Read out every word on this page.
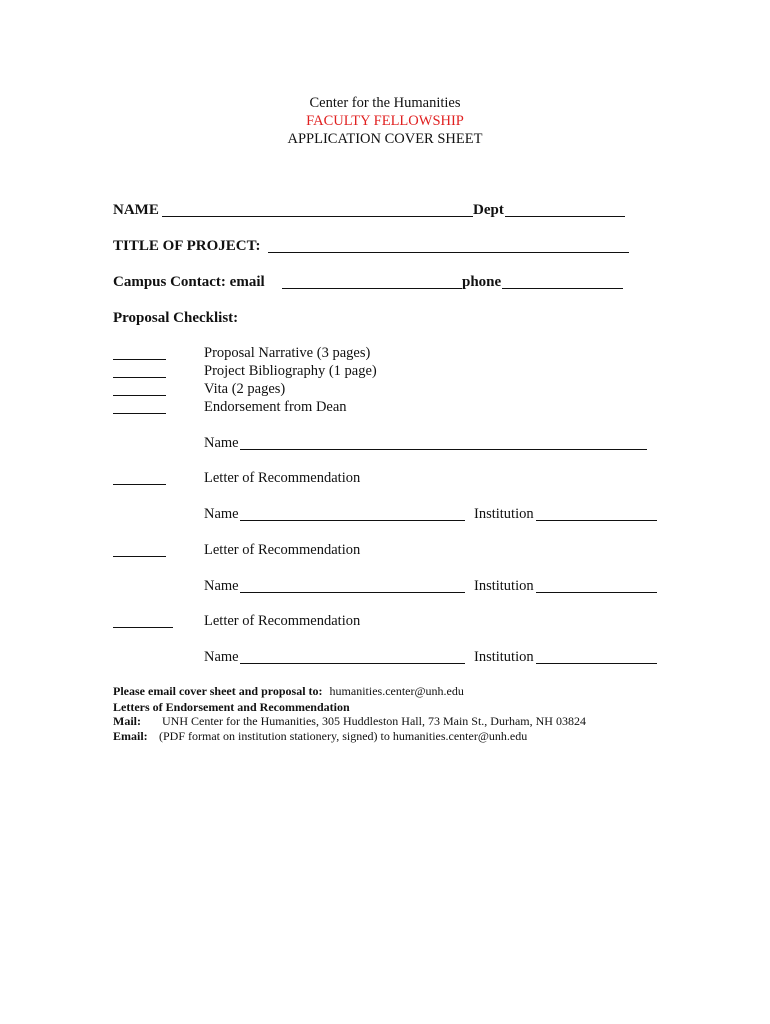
Center for the Humanities
FACULTY FELLOWSHIP
APPLICATION COVER SHEET
NAME	Dept
TITLE OF PROJECT:
Campus Contact: email	phone
Proposal Checklist:
Proposal Narrative (3 pages)
Project Bibliography (1 page)
Vita (2 pages)
Endorsement from Dean
Name
Letter of Recommendation
Name	Institution
Letter of Recommendation
Name	Institution
Letter of Recommendation
Name	Institution
Please email cover sheet and proposal to: humanities.center@unh.edu
Letters of Endorsement and Recommendation
Mail: UNH Center for the Humanities, 305 Huddleston Hall, 73 Main St., Durham, NH 03824
Email: (PDF format on institution stationery, signed) to humanities.center@unh.edu
